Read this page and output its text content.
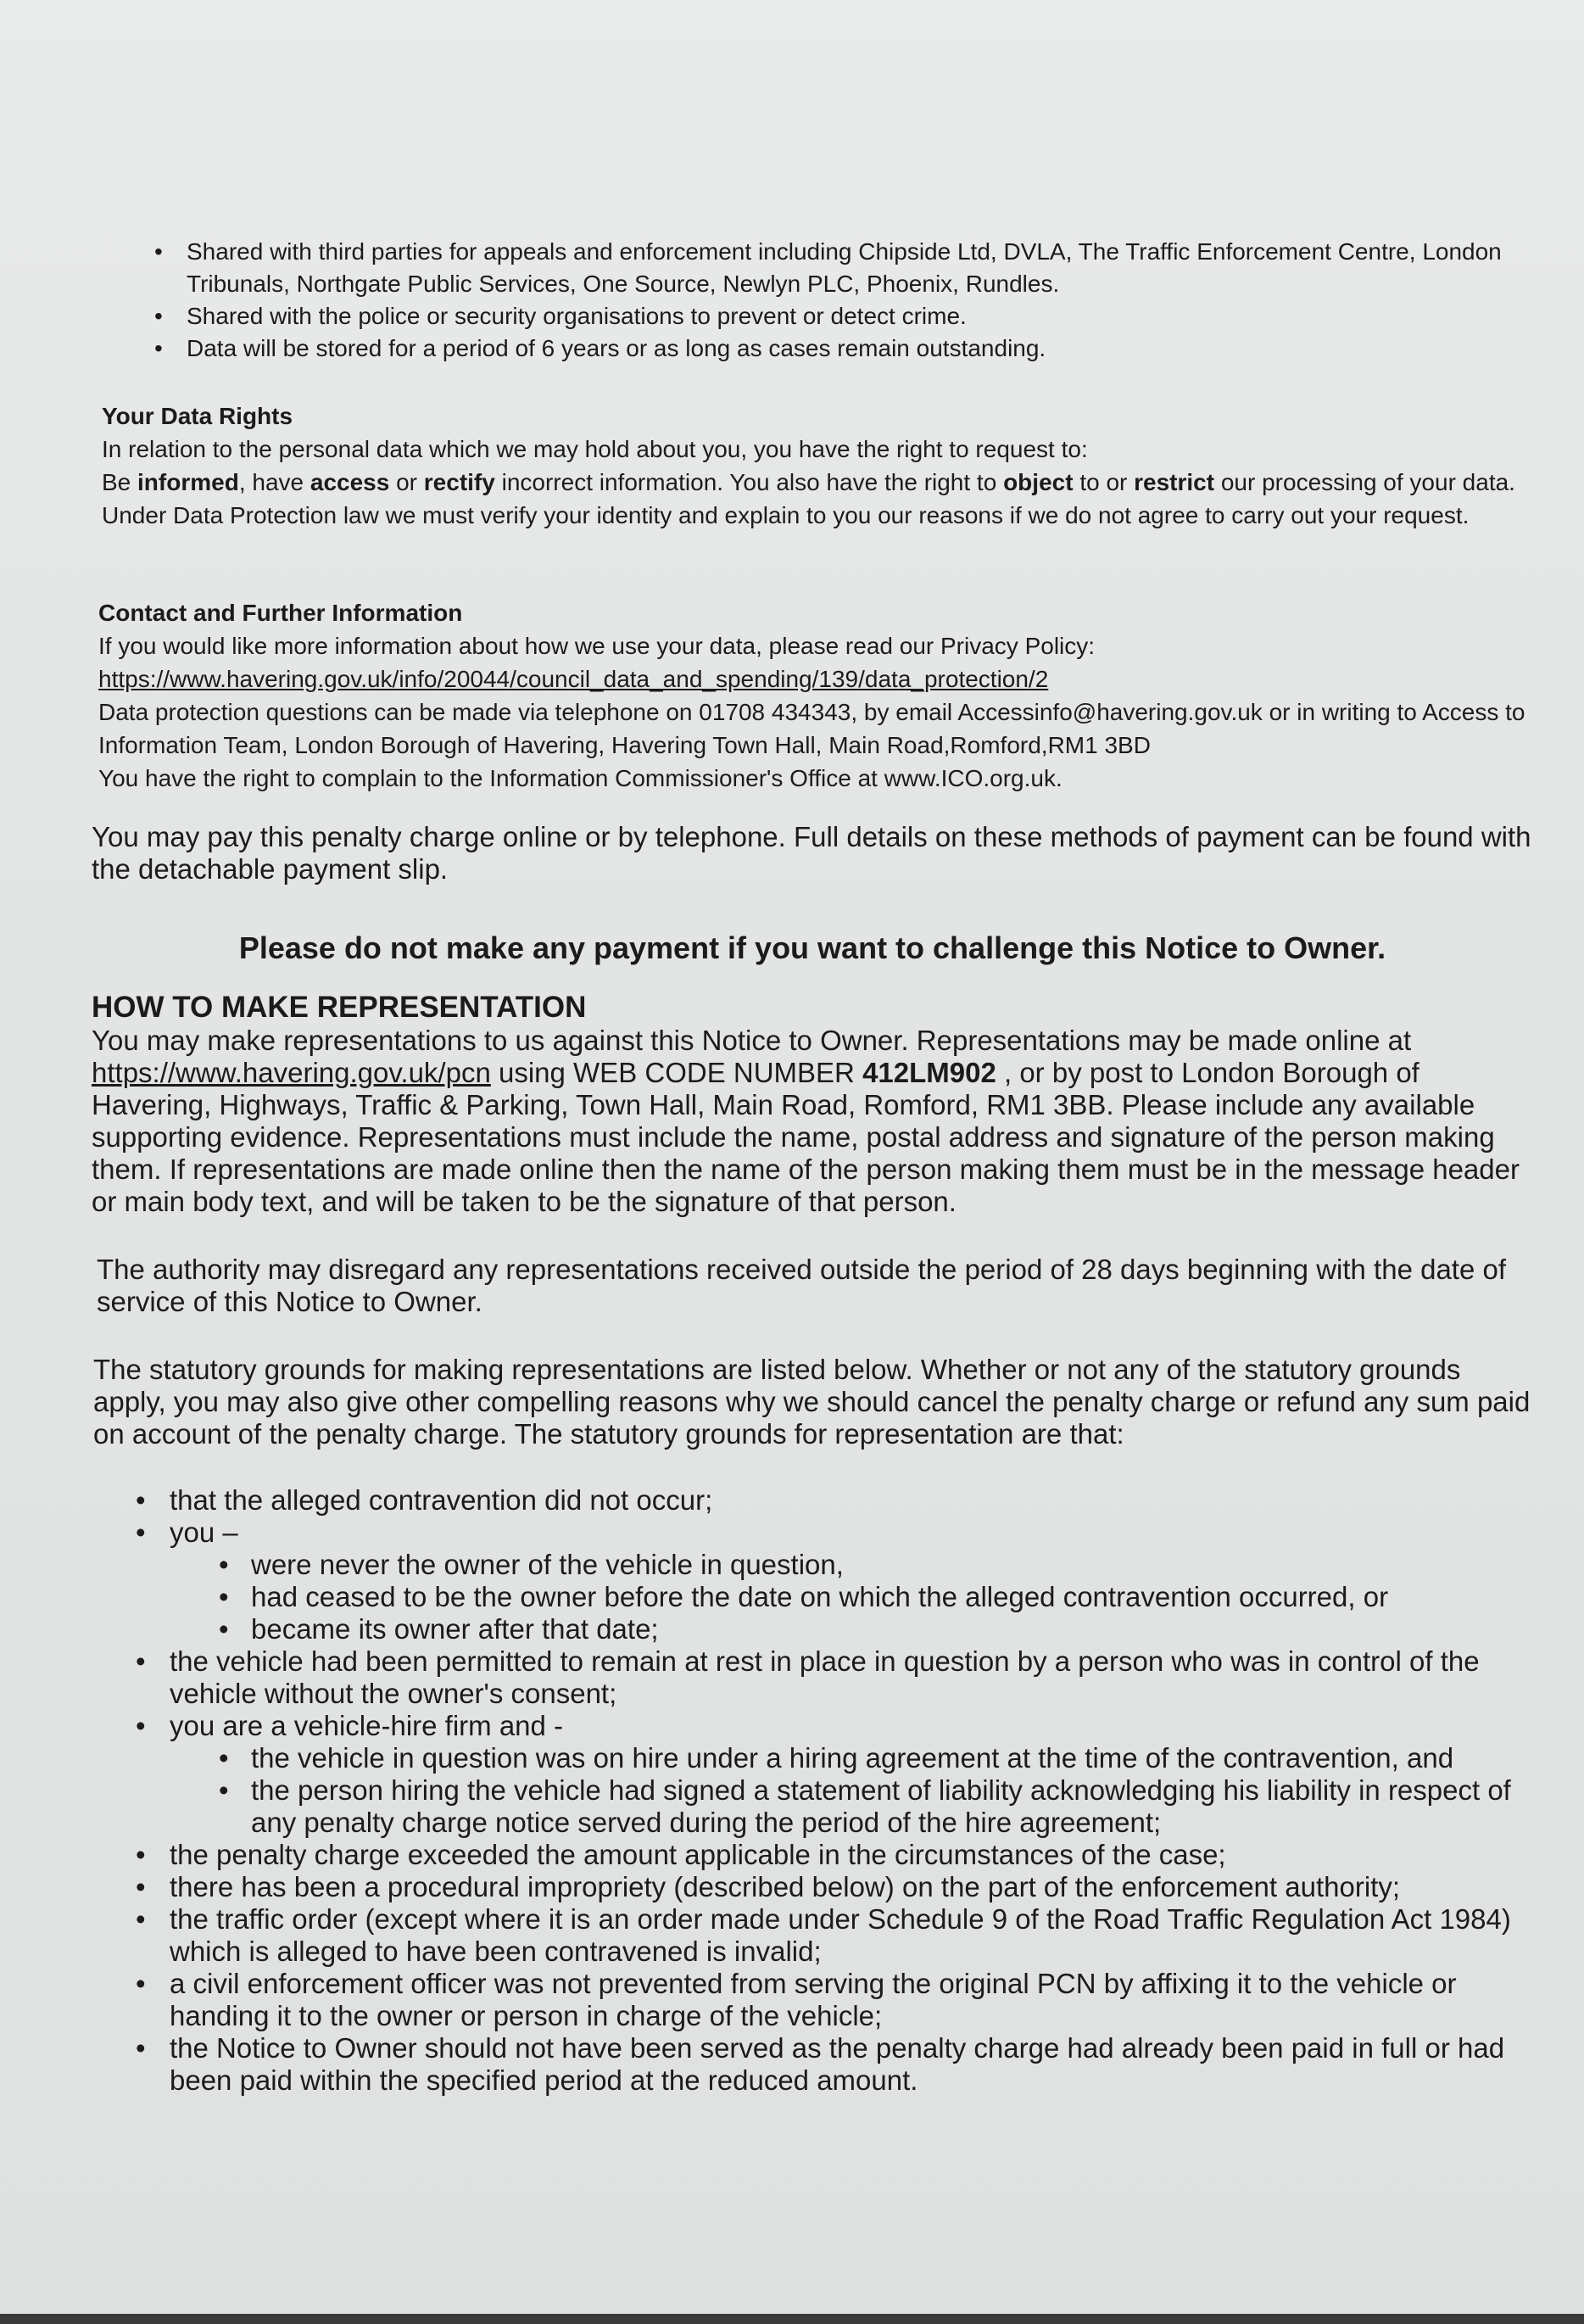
• Shared with third parties for appeals and enforcement including Chipside Ltd, DVLA, The Traffic Enforcement Centre, London Tribunals, Northgate Public Services, One Source, Newlyn PLC, Phoenix, Rundles.
• Shared with the police or security organisations to prevent or detect crime.
• Data will be stored for a period of 6 years or as long as cases remain outstanding.

Your Data Rights

In relation to the personal data which we may hold about you, you have the right to request to:

Be informed, have access or rectify incorrect information. You also have the right to object to or restrict our processing of your data.

Under Data Protection law we must verify your identity and explain to you our reasons if we do not agree to carry out your request.

Contact and Further Information

If you would like more information about how we use your data, please read our Privacy Policy:

https://www.havering.gov.uk/info/20044/council_data_and_spending/139/data_protection/2

Data protection questions can be made via telephone on 01708 434343, by email Accessinfo@havering.gov.uk or in writing to Access to Information Team, London Borough of Havering, Havering Town Hall, Main Road,Romford,RM1 3BD

You have the right to complain to the Information Commissioner's Office at www.ICO.org.uk.

You may pay this penalty charge online or by telephone. Full details on these methods of payment can be found with the detachable payment slip.

Please do not make any payment if you want to challenge this Notice to Owner.

HOW TO MAKE REPRESENTATION

You may make representations to us against this Notice to Owner. Representations may be made online at https://www.havering.gov.uk/pcn using WEB CODE NUMBER 412LM902 , or by post to London Borough of Havering, Highways, Traffic & Parking, Town Hall, Main Road, Romford, RM1 3BB. Please include any available supporting evidence. Representations must include the name, postal address and signature of the person making them. If representations are made online then the name of the person making them must be in the message header or main body text, and will be taken to be the signature of that person.

The authority may disregard any representations received outside the period of 28 days beginning with the date of service of this Notice to Owner.

The statutory grounds for making representations are listed below. Whether or not any of the statutory grounds apply, you may also give other compelling reasons why we should cancel the penalty charge or refund any sum paid on account of the penalty charge. The statutory grounds for representation are that:

• that the alleged contravention did not occur;
• you –
• were never the owner of the vehicle in question,
• had ceased to be the owner before the date on which the alleged contravention occurred, or
• became its owner after that date;
• the vehicle had been permitted to remain at rest in place in question by a person who was in control of the vehicle without the owner's consent;
• you are a vehicle-hire firm and -
• the vehicle in question was on hire under a hiring agreement at the time of the contravention, and
• the person hiring the vehicle had signed a statement of liability acknowledging his liability in respect of any penalty charge notice served during the period of the hire agreement;
• the penalty charge exceeded the amount applicable in the circumstances of the case;
• there has been a procedural impropriety (described below) on the part of the enforcement authority;
• the traffic order (except where it is an order made under Schedule 9 of the Road Traffic Regulation Act 1984) which is alleged to have been contravened is invalid;
• a civil enforcement officer was not prevented from serving the original PCN by affixing it to the vehicle or handing it to the owner or person in charge of the vehicle;
• the Notice to Owner should not have been served as the penalty charge had already been paid in full or had been paid within the specified period at the reduced amount.
